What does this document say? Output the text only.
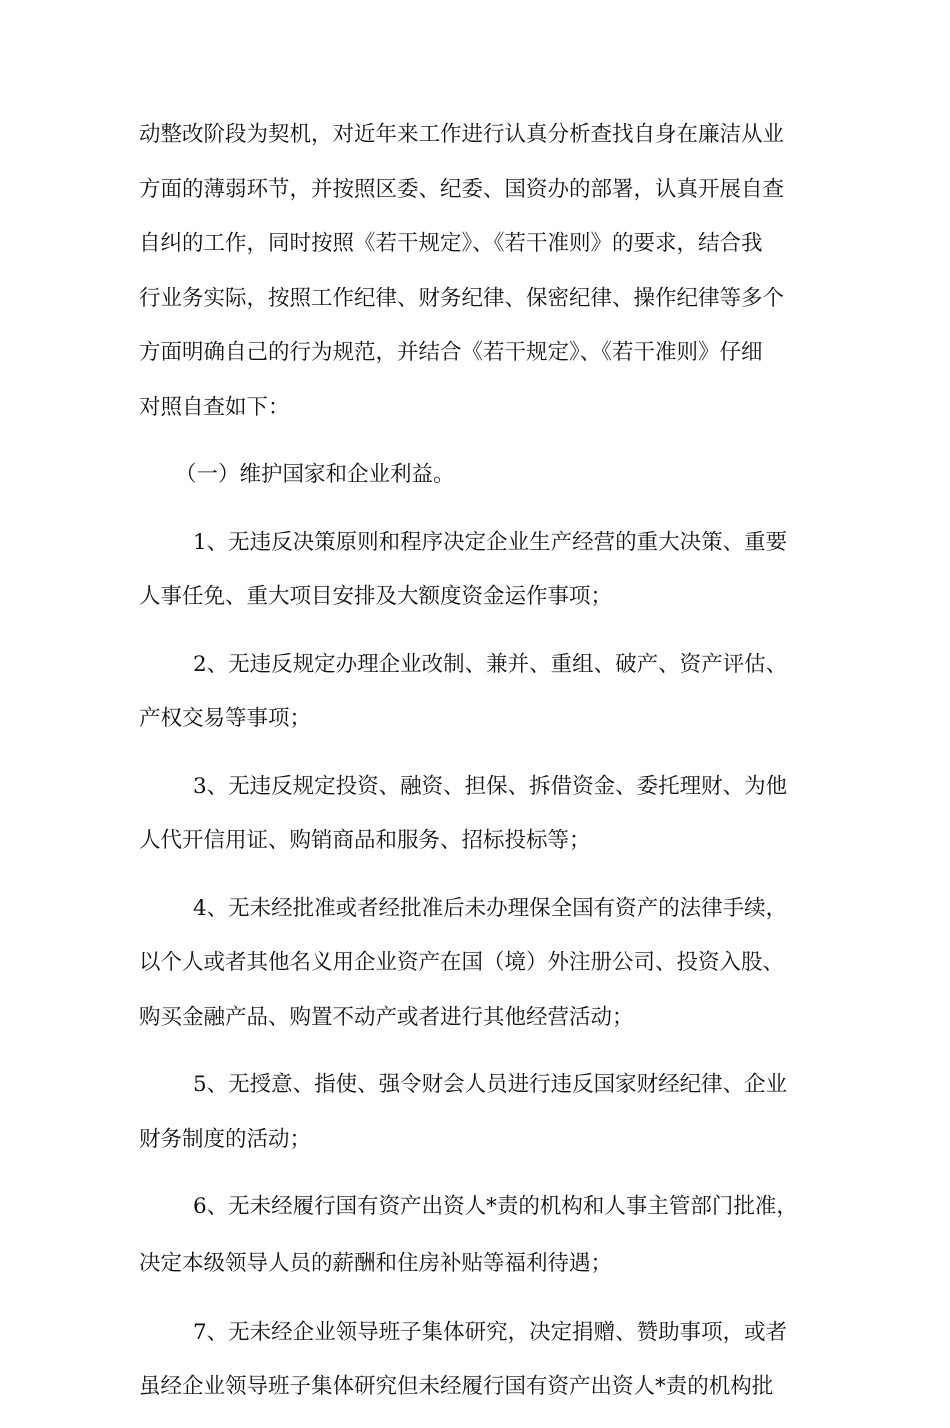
动整改阶段为契机，对近年来工作进行认真分析查找自身在廉洁从业
方面的薄弱环节，并按照区委、纪委、国资办的部署，认真开展自查
自纠的工作，同时按照《若干规定》、《若干准则》的要求，结合我
行业务实际，按照工作纪律、财务纪律、保密纪律、操作纪律等多个
方面明确自己的行为规范，并结合《若干规定》、《若干准则》仔细
对照自查如下：
（一）维护国家和企业利益。
1、无违反决策原则和程序决定企业生产经营的重大决策、重要
人事任免、重大项目安排及大额度资金运作事项；
2、无违反规定办理企业改制、兼并、重组、破产、资产评估、
产权交易等事项；
3、无违反规定投资、融资、担保、拆借资金、委托理财、为他
人代开信用证、购销商品和服务、招标投标等；
4、无未经批准或者经批准后未办理保全国有资产的法律手续，
以个人或者其他名义用企业资产在国（境）外注册公司、投资入股、
购买金融产品、购置不动产或者进行其他经营活动；
5、无授意、指使、强令财会人员进行违反国家财经纪律、企业
财务制度的活动；
6、无未经履行国有资产出资人*责的机构和人事主管部门批准，
决定本级领导人员的薪酬和住房补贴等福利待遇；
7、无未经企业领导班子集体研究，决定捐赠、赞助事项，或者
虽经企业领导班子集体研究但未经履行国有资产出资人*责的机构批
